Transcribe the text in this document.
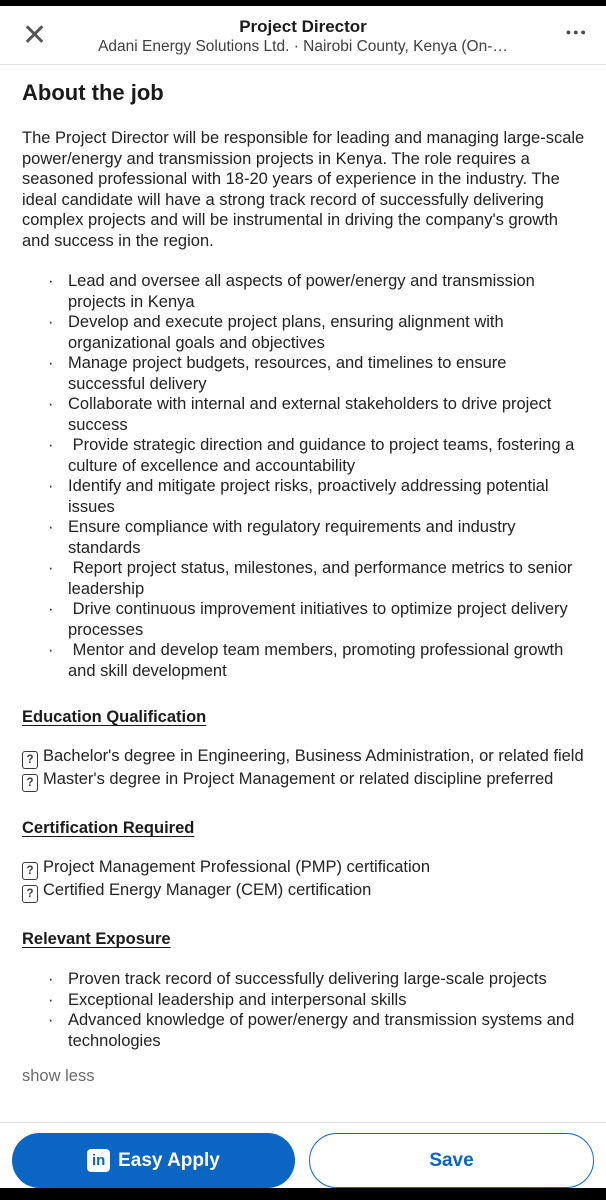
✕	Project Director
Adani Energy Solutions Ltd. · Nairobi County, Kenya (On-…
●●●
About the job

The Project Director will be responsible for leading and managing large-scale power/energy and transmission projects in Kenya. The role requires a seasoned professional with 18-20 years of experience in the industry. The ideal candidate will have a strong track record of successfully delivering complex projects and will be instrumental in driving the company's growth and success in the region.

· Lead and oversee all aspects of power/energy and transmission projects in Kenya
· Develop and execute project plans, ensuring alignment with organizational goals and objectives
· Manage project budgets, resources, and timelines to ensure successful delivery
· Collaborate with internal and external stakeholders to drive project success
· Provide strategic direction and guidance to project teams, fostering a culture of excellence and accountability
· Identify and mitigate project risks, proactively addressing potential issues
· Ensure compliance with regulatory requirements and industry standards
· Report project status, milestones, and performance metrics to senior leadership
· Drive continuous improvement initiatives to optimize project delivery processes
· Mentor and develop team members, promoting professional growth and skill development
Education Qualification
? Bachelor's degree in Engineering, Business Administration, or related field
? Master's degree in Project Management or related discipline preferred
Certification Required
? Project Management Professional (PMP) certification
? Certified Energy Manager (CEM) certification
Relevant Exposure
· Proven track record of successfully delivering large-scale projects
· Exceptional leadership and interpersonal skills
· Advanced knowledge of power/energy and transmission systems and technologies
show less
in Easy Apply	Save
